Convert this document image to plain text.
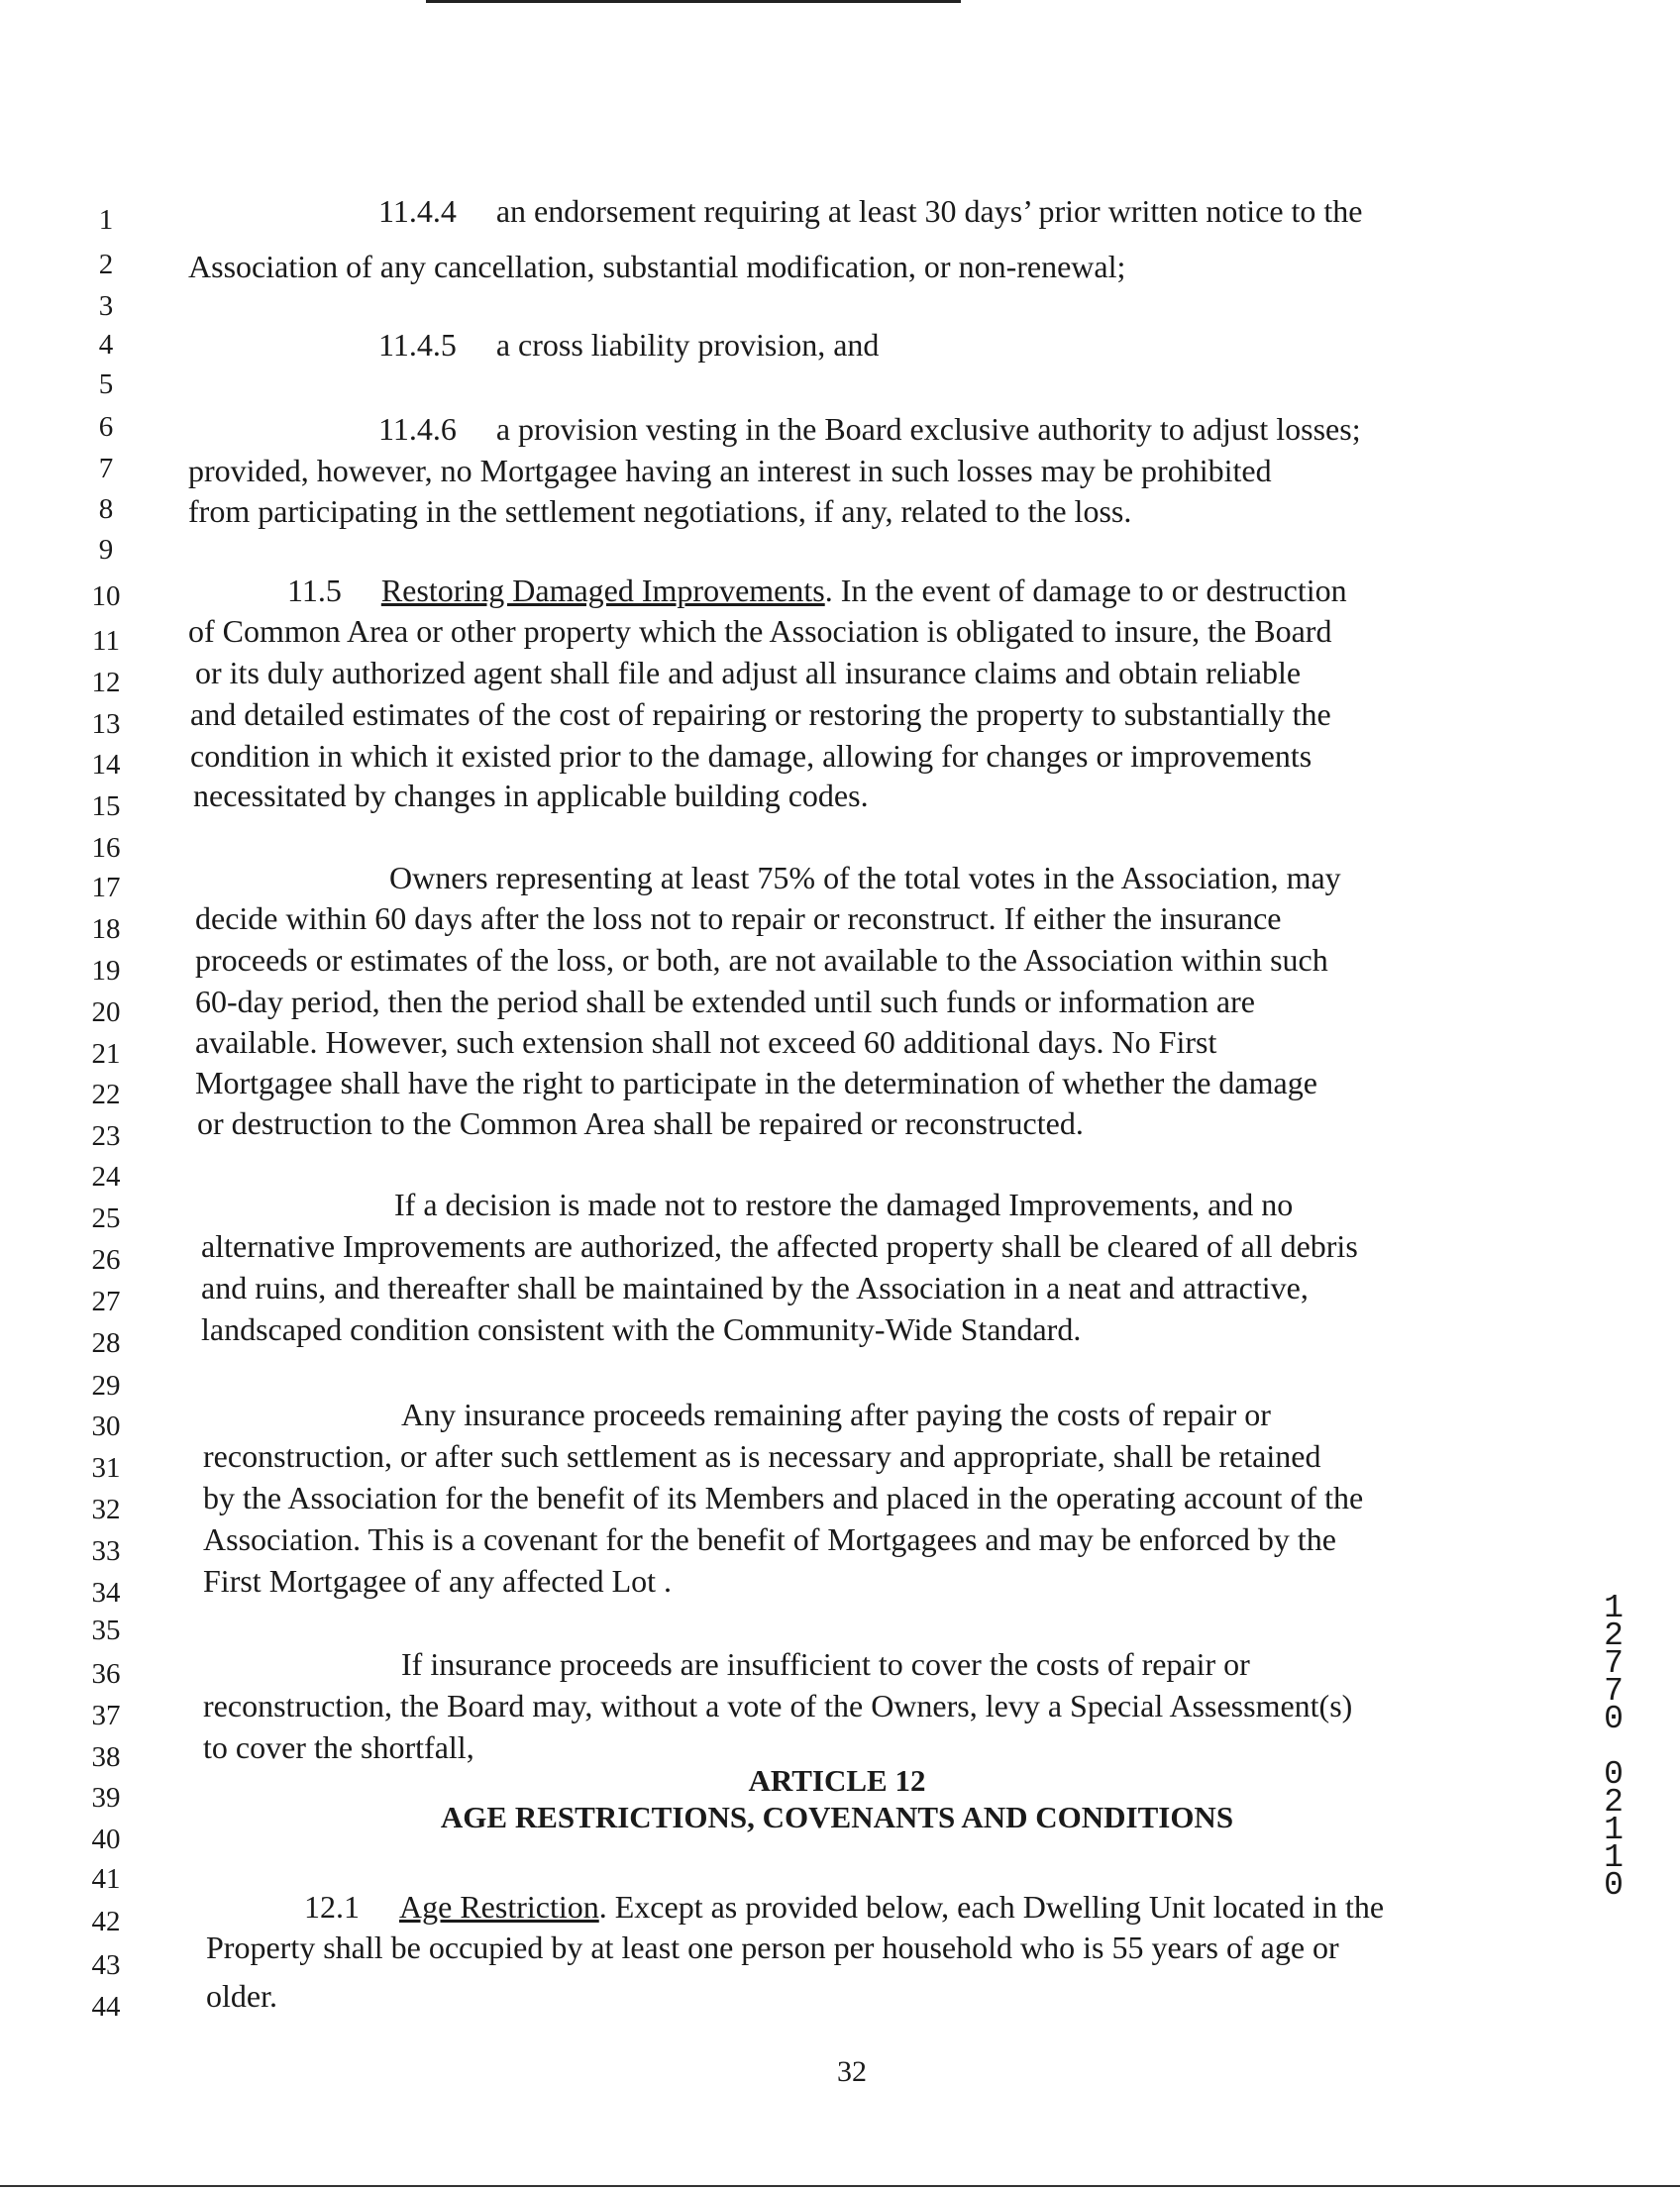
1
2
3
4
5
6
7
8
9
10
11
12
13
14
15
16
17
18
19
20
21
22
23
24
25
26
27
28
29
30
31
32
33
34
35
36
37
38
39
40
41
42
43
44
11.4.4 an endorsement requiring at least 30 days’ prior written notice to the
Association of any cancellation, substantial modification, or non-renewal;
11.4.5 a cross liability provision, and
11.4.6 a provision vesting in the Board exclusive authority to adjust losses;
provided, however, no Mortgagee having an interest in such losses may be prohibited
from participating in the settlement negotiations, if any, related to the loss.
11.5 Restoring Damaged Improvements. In the event of damage to or destruction
of Common Area or other property which the Association is obligated to insure, the Board
or its duly authorized agent shall file and adjust all insurance claims and obtain reliable
and detailed estimates of the cost of repairing or restoring the property to substantially the
condition in which it existed prior to the damage, allowing for changes or improvements
necessitated by changes in applicable building codes.
Owners representing at least 75% of the total votes in the Association, may
decide within 60 days after the loss not to repair or reconstruct. If either the insurance
proceeds or estimates of the loss, or both, are not available to the Association within such
60-day period, then the period shall be extended until such funds or information are
available. However, such extension shall not exceed 60 additional days. No First
Mortgagee shall have the right to participate in the determination of whether the damage
or destruction to the Common Area shall be repaired or reconstructed.
If a decision is made not to restore the damaged Improvements, and no
alternative Improvements are authorized, the affected property shall be cleared of all debris
and ruins, and thereafter shall be maintained by the Association in a neat and attractive,
landscaped condition consistent with the Community-Wide Standard.
Any insurance proceeds remaining after paying the costs of repair or
reconstruction, or after such settlement as is necessary and appropriate, shall be retained
by the Association for the benefit of its Members and placed in the operating account of the
Association. This is a covenant for the benefit of Mortgagees and may be enforced by the
First Mortgagee of any affected Lot .
If insurance proceeds are insufficient to cover the costs of repair or
reconstruction, the Board may, without a vote of the Owners, levy a Special Assessment(s)
to cover the shortfall,
ARTICLE 12
AGE RESTRICTIONS, COVENANTS AND CONDITIONS
12.1 Age Restriction. Except as provided below, each Dwelling Unit located in the
Property shall be occupied by at least one person per household who is 55 years of age or
older.
32
1
2
7
7
0
0
2
1
1
0
